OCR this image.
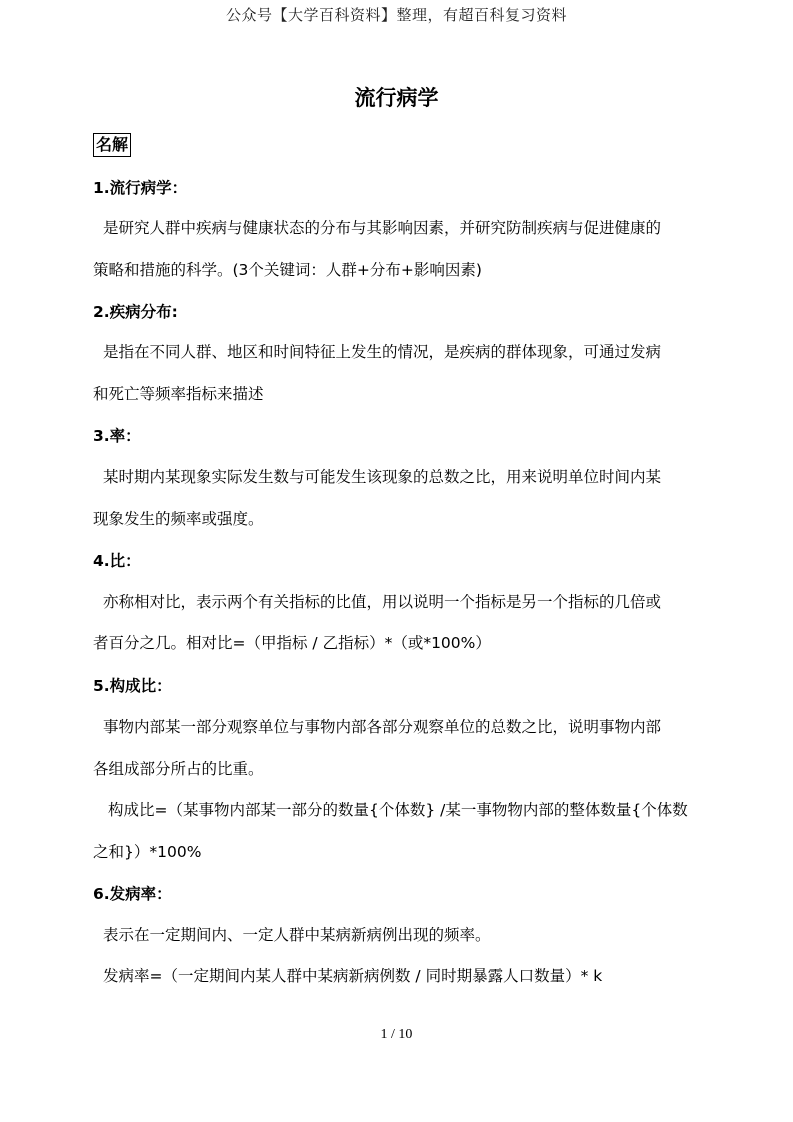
公众号【大学百科资料】整理，有超百科复习资料
流行病学
名解
1.流行病学：
是研究人群中疾病与健康状态的分布与其影响因素，并研究防制疾病与促进健康的
策略和措施的科学。(3个关键词：人群+分布+影响因素)
2.疾病分布:
是指在不同人群、地区和时间特征上发生的情况，是疾病的群体现象，可通过发病
和死亡等频率指标来描述
3.率：
某时期内某现象实际发生数与可能发生该现象的总数之比，用来说明单位时间内某
现象发生的频率或强度。
4.比：
亦称相对比，表示两个有关指标的比值，用以说明一个指标是另一个指标的几倍或
者百分之几。相对比=（甲指标 / 乙指标）*（或*100%）
5.构成比：
事物内部某一部分观察单位与事物内部各部分观察单位的总数之比，说明事物内部
各组成部分所占的比重。
构成比=（某事物内部某一部分的数量{个体数} /某一事物物内部的整体数量{个体数
之和}）*100%
6.发病率：
表示在一定期间内、一定人群中某病新病例出现的频率。
发病率=（一定期间内某人群中某病新病例数 / 同时期暴露人口数量）* k
1 / 10
